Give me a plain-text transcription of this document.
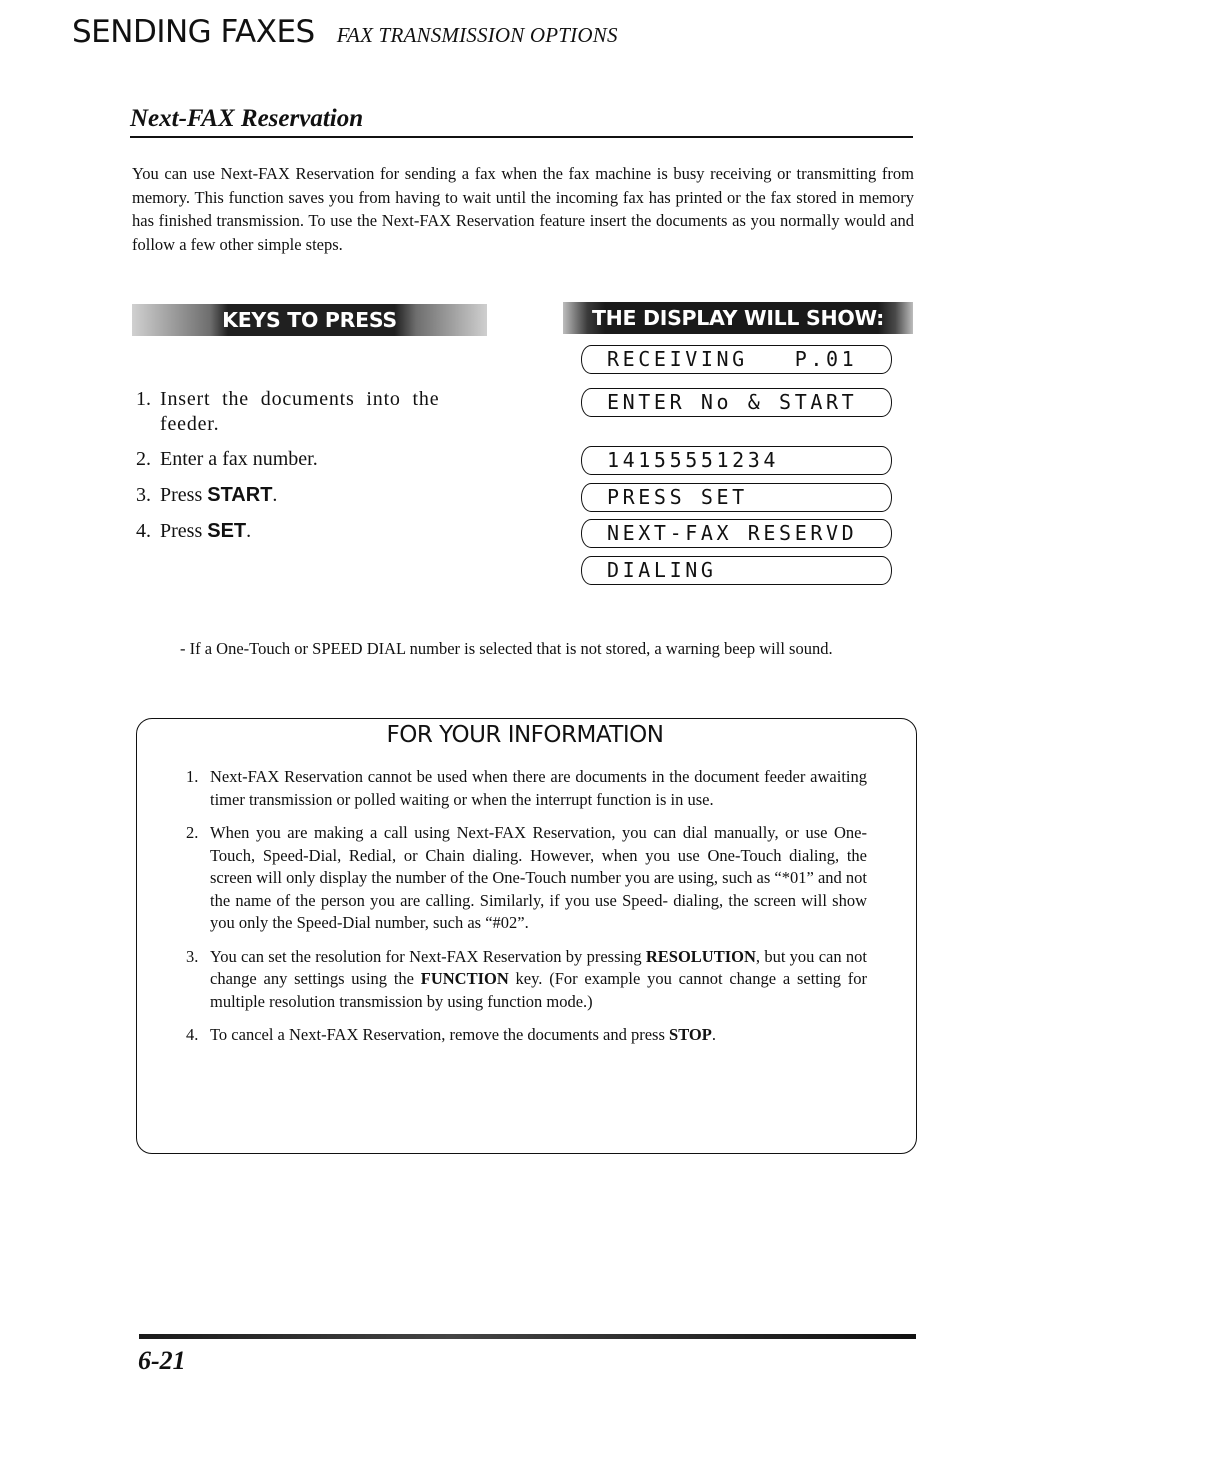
SENDING FAXES FAX TRANSMISSION OPTIONS
Next-FAX Reservation

You can use Next-FAX Reservation for sending a fax when the fax machine is busy receiving or transmitting from memory. This function saves you from having to wait until the incoming fax has printed or the fax stored in memory has finished transmission. To use the Next-FAX Reservation feature insert the documents as you normally would and follow a few other simple steps.

KEYS TO PRESS	THE DISPLAY WILL SHOW:
1. Insert the documents into the feeder.
2. Enter a fax number.
3. Press START.
4. Press SET.
RECEIVING   P.01
ENTER No & START
14155551234
PRESS SET
NEXT-FAX RESERVD
DIALING

- If a One-Touch or SPEED DIAL number is selected that is not stored, a warning beep will sound.

FOR YOUR INFORMATION
1. Next-FAX Reservation cannot be used when there are documents in the document feeder awaiting timer transmission or polled waiting or when the interrupt function is in use.
2. When you are making a call using Next-FAX Reservation, you can dial manually, or use One-Touch, Speed-Dial, Redial, or Chain dialing. However, when you use One-Touch dialing, the screen will only display the number of the One-Touch number you are using, such as “*01” and not the name of the person you are calling. Similarly, if you use Speed- dialing, the screen will show you only the Speed-Dial number, such as “#02”.
3. You can set the resolution for Next-FAX Reservation by pressing RESOLUTION, but you can not change any settings using the FUNCTION key. (For example you cannot change a setting for multiple resolution transmission by using function mode.)
4. To cancel a Next-FAX Reservation, remove the documents and press STOP.
6-21
